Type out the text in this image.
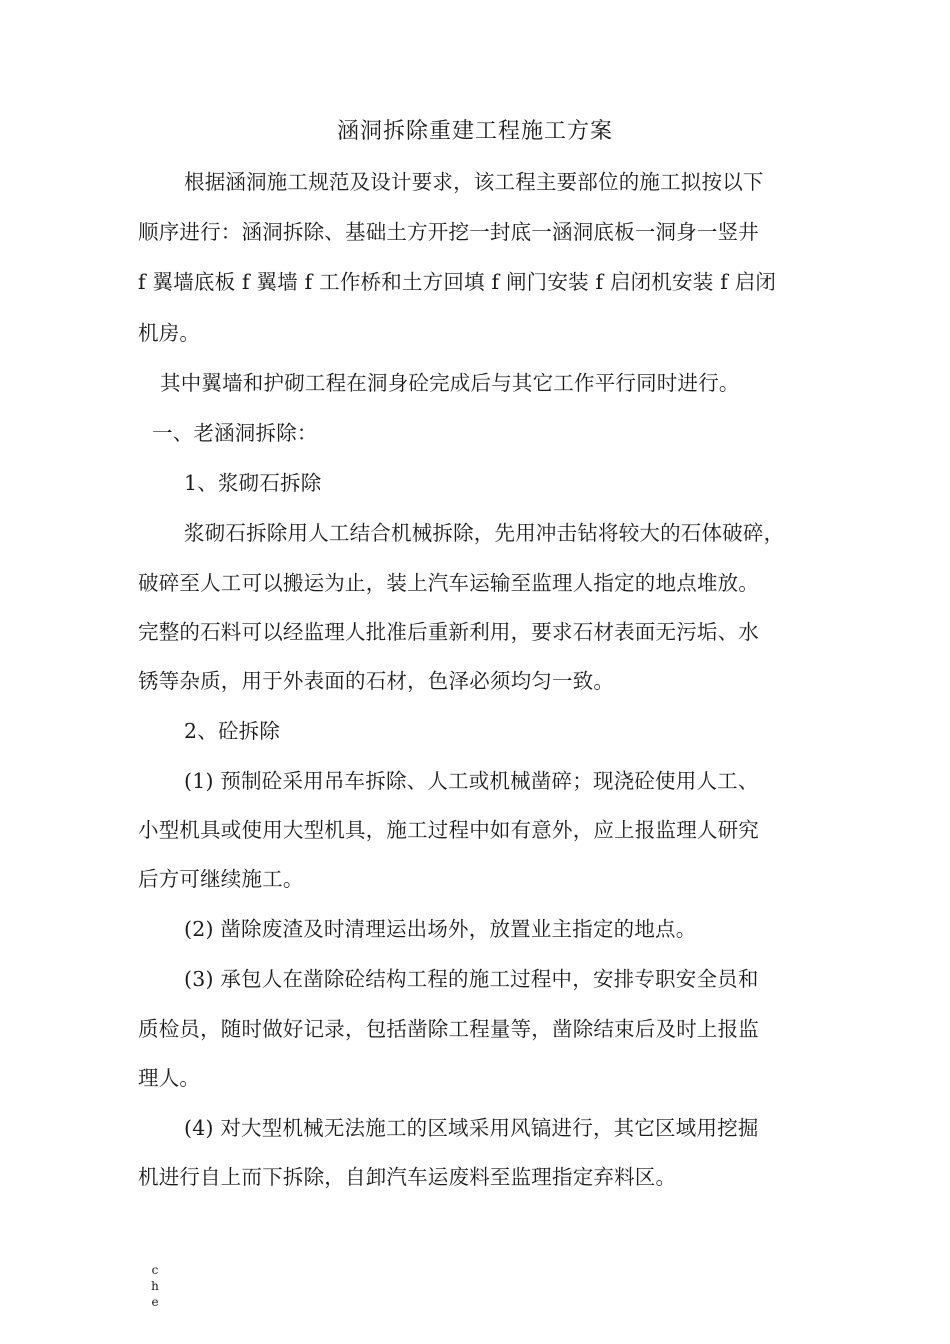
涵洞拆除重建工程施工方案
根据涵洞施工规范及设计要求，该工程主要部位的施工拟按以下
顺序进行：涵洞拆除、基础土方开挖一封底一涵洞底板一洞身一竖井
f 翼墙底板 f 翼墙 f 工作桥和土方回填 f 闸门安装 f 启闭机安装 f 启闭
机房。
其中翼墙和护砌工程在洞身砼完成后与其它工作平行同时进行。
一、老涵洞拆除：
1、浆砌石拆除
浆砌石拆除用人工结合机械拆除，先用冲击钻将较大的石体破碎，
破碎至人工可以搬运为止，装上汽车运输至监理人指定的地点堆放。
完整的石料可以经监理人批准后重新利用，要求石材表面无污垢、水
锈等杂质，用于外表面的石材，色泽必须均匀一致。
2、砼拆除
(1) 预制砼采用吊车拆除、人工或机械凿碎；现浇砼使用人工、
小型机具或使用大型机具，施工过程中如有意外，应上报监理人研究
后方可继续施工。
(2) 凿除废渣及时清理运出场外，放置业主指定的地点。
(3) 承包人在凿除砼结构工程的施工过程中，安排专职安全员和
质检员，随时做好记录，包括凿除工程量等，凿除结束后及时上报监
理人。
(4) 对大型机械无法施工的区域采用风镐进行，其它区域用挖掘
机进行自上而下拆除，自卸汽车运废料至监理指定弃料区。
che
